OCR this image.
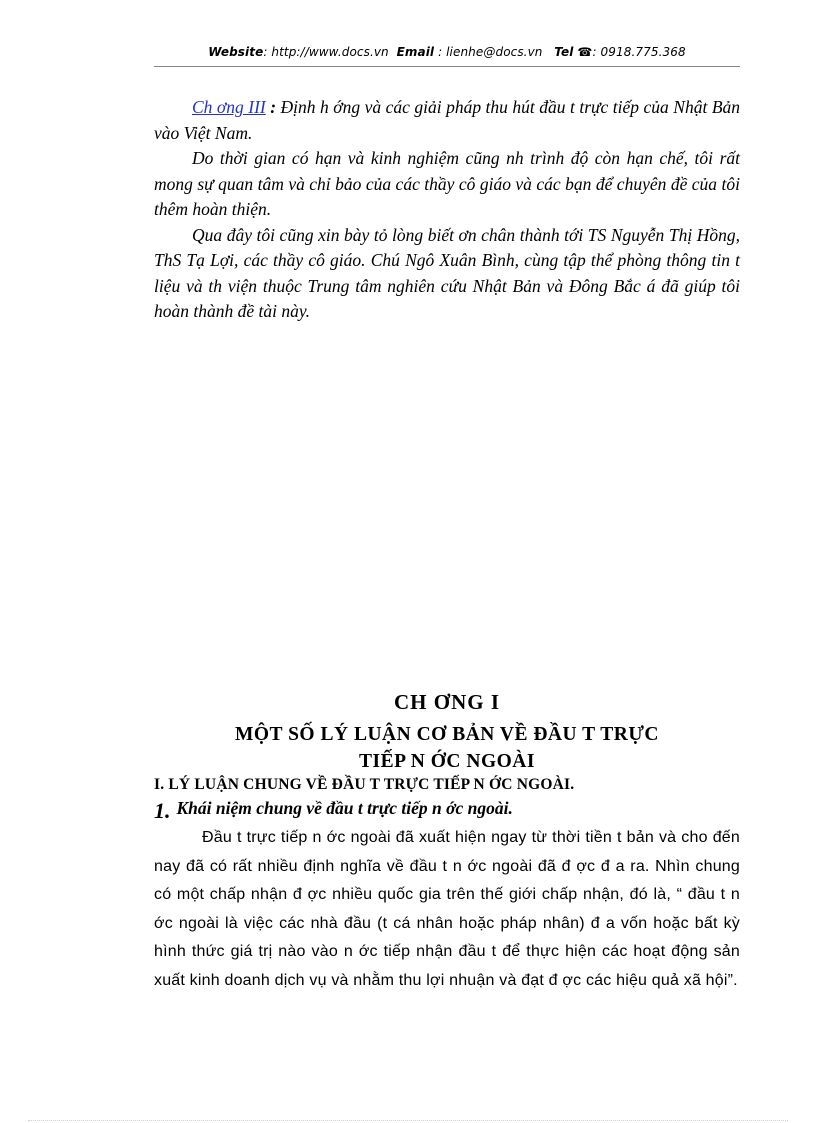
Website: http://www.docs.vn Email : lienhe@docs.vn Tel ☎: 0918.775.368

Ch ơng III : Định h ớng và các giải pháp thu hút đầu t trực tiếp của Nhật Bản vào Việt Nam.

Do thời gian có hạn và kinh nghiệm cũng nh trình độ còn hạn chế, tôi rất mong sự quan tâm và chỉ bảo của các thầy cô giáo và các bạn để chuyên đề của tôi thêm hoàn thiện.

Qua đây tôi cũng xin bày tỏ lòng biết ơn chân thành tới TS Nguyễn Thị Hồng, ThS Tạ Lợi, các thầy cô giáo. Chú Ngô Xuân Bình, cùng tập thể phòng thông tin t liệu và th viện thuộc Trung tâm nghiên cứu Nhật Bản và Đông Bắc á đã giúp tôi hoàn thành đề tài này.

CH ƠNG I
MỘT SỐ LÝ LUẬN CƠ BẢN VỀ ĐẦU T TRỰC
TIẾP N ỚC NGOÀI
I. LÝ LUẬN CHUNG VỀ ĐẦU T TRỰC TIẾP N ỚC NGOÀI.
1. Khái niệm chung về đầu t trực tiếp n ớc ngoài.

Đầu t trực tiếp n ớc ngoài đã xuất hiện ngay từ thời tiền t bản và cho đến nay đã có rất nhiều định nghĩa về đầu t n ớc ngoài đã đ ợc đ a ra. Nhìn chung có một chấp nhận đ ợc nhiều quốc gia trên thế giới chấp nhận, đó là, “ đầu t n ớc ngoài là việc các nhà đầu (t cá nhân hoặc pháp nhân) đ a vốn hoặc bất kỳ hình thức giá trị nào vào n ớc tiếp nhận đầu t để thực hiện các hoạt động sản xuất kinh doanh dịch vụ và nhằm thu lợi nhuận và đạt đ ợc các hiệu quả xã hội”.
